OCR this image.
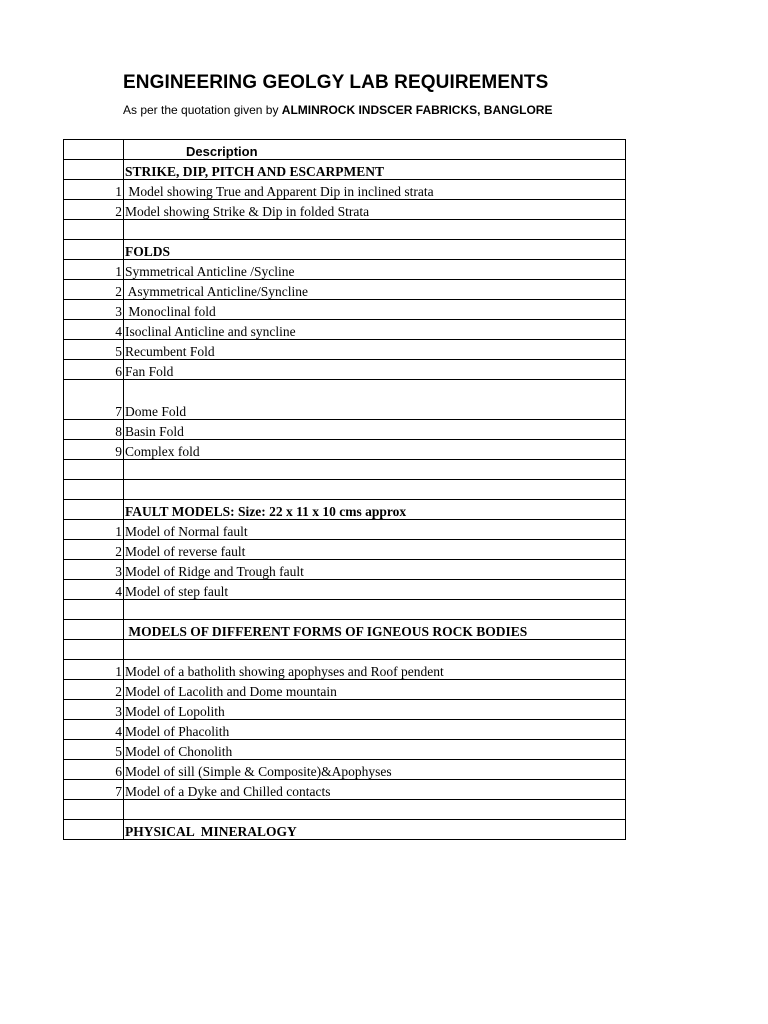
ENGINEERING GEOLGY LAB REQUIREMENTS
As per the quotation given by ALMINROCK INDSCER FABRICKS, BANGLORE
	Description
	STRIKE, DIP, PITCH AND ESCARPMENT
1	Model showing True and Apparent Dip in inclined strata
2	Model showing Strike & Dip in folded Strata

	FOLDS
1	Symmetrical Anticline /Sycline
2	Asymmetrical Anticline/Syncline
3	Monoclinal fold
4	Isoclinal Anticline and syncline
5	Recumbent Fold
6	Fan Fold
7	Dome Fold
8	Basin Fold
9	Complex fold

	FAULT MODELS: Size: 22 x 11 x 10 cms approx
1	Model of Normal fault
2	Model of reverse fault
3	Model of Ridge and Trough fault
4	Model of step fault

	MODELS OF DIFFERENT FORMS OF IGNEOUS ROCK BODIES

1	Model of a batholith showing apophyses and Roof pendent
2	Model of Lacolith and Dome mountain
3	Model of Lopolith
4	Model of Phacolith
5	Model of Chonolith
6	Model of sill (Simple & Composite)&Apophyses
7	Model of a Dyke and Chilled contacts

	PHYSICAL  MINERALOGY
